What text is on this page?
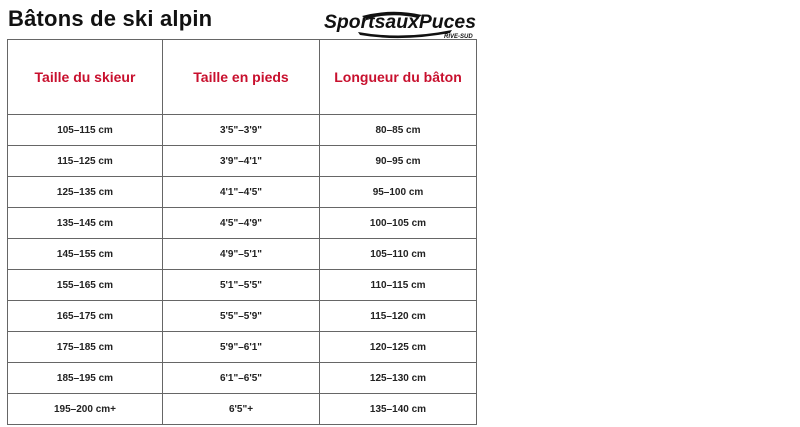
Bâtons de ski alpin	SportsauxPuces
RIVE-SUD
Taille du skieur	Taille en pieds	Longueur du bâton
105–115 cm	3'5"–3'9"	80–85 cm
115–125 cm	3'9"–4'1"	90–95 cm
125–135 cm	4'1"–4'5"	95–100 cm
135–145 cm	4'5"–4'9"	100–105 cm
145–155 cm	4'9"–5'1"	105–110 cm
155–165 cm	5'1"–5'5"	110–115 cm
165–175 cm	5'5"–5'9"	115–120 cm
175–185 cm	5'9"–6'1"	120–125 cm
185–195 cm	6'1"–6'5"	125–130 cm
195–200 cm+	6'5"+	135–140 cm
